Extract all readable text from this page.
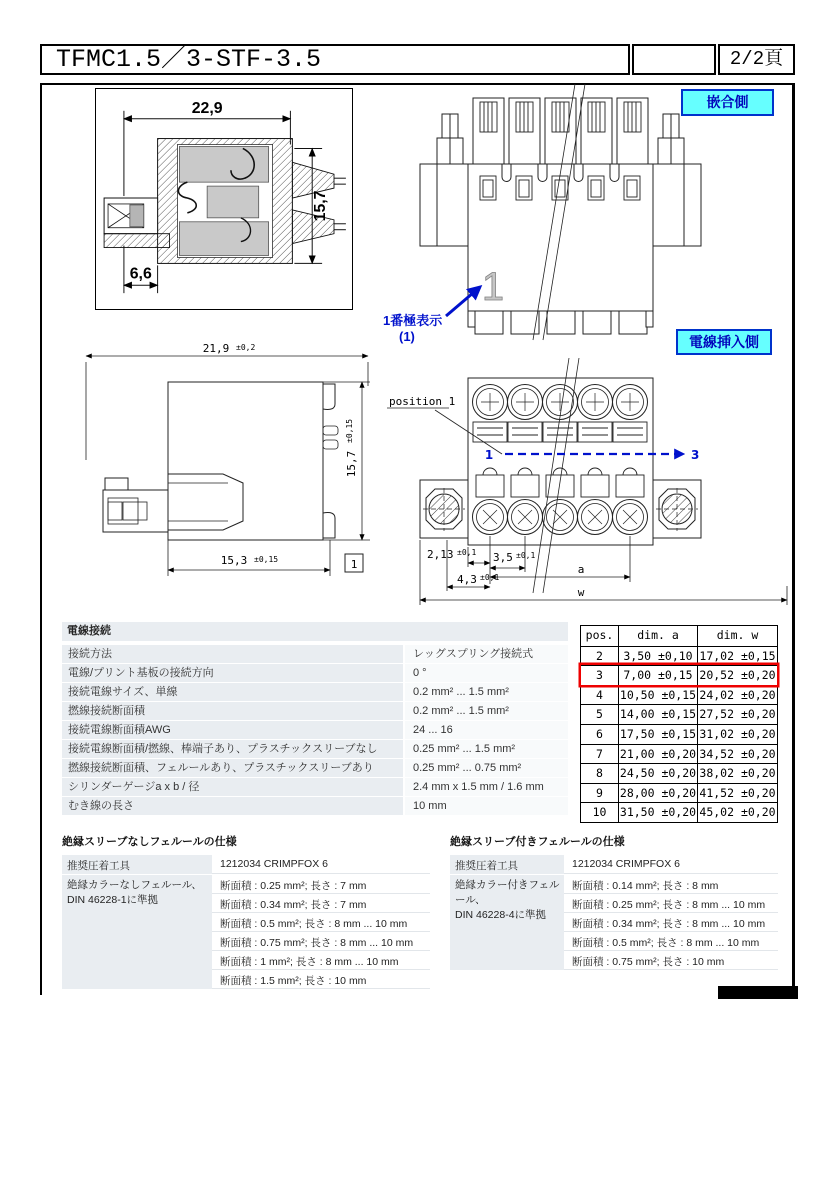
TFMC1.5／3-STF-3.5	2/2頁
22,9
15,7
6,6	1
嵌合側
電線挿入側
1番極表示
(1)
21,9 ±0,2
15,7
±0,15
15,3 ±0,15	1
position 1
1	3
2,13 ±0,1 3,5 ±0,1
4,3 ±0,1
a
w
電線接続
接続方法	レッグスプリング接続式
電線/プリント基板の接続方向	0 °
接続電線サイズ、単線	0.2 mm² ... 1.5 mm²
撚線接続断面積	0.2 mm² ... 1.5 mm²
接続電線断面積AWG	24 ... 16
接続電線断面積/撚線、棒端子あり、プラスチックスリーブなし	0.25 mm² ... 1.5 mm²
撚線接続断面積、フェルールあり、プラスチックスリーブあり	0.25 mm² ... 0.75 mm²
シリンダーゲージa x b / 径	2.4 mm x 1.5 mm / 1.6 mm
むき線の長さ	10 mm
pos.	dim. a	dim. w
2	3,50 ±0,10 17,02 ±0,15
3	7,00 ±0,15 20,52 ±0,20
4	10,50 ±0,15 24,02 ±0,20
5	14,00 ±0,15 27,52 ±0,20
6	17,50 ±0,15 31,02 ±0,20
7	21,00 ±0,20 34,52 ±0,20
8	24,50 ±0,20 38,02 ±0,20
9	28,00 ±0,20 41,52 ±0,20
10	31,50 ±0,20 45,02 ±0,20
絶縁スリーブなしフェルールの仕様
推奨圧着工具	1212034 CRIMPFOX 6
絶縁カラーなしフェルール、
DIN 46228-1に準拠
断面積 : 0.25 mm²; 長さ : 7 mm
断面積 : 0.34 mm²; 長さ : 7 mm
断面積 : 0.5 mm²; 長さ : 8 mm ... 10 mm
断面積 : 0.75 mm²; 長さ : 8 mm ... 10 mm
断面積 : 1 mm²; 長さ : 8 mm ... 10 mm
断面積 : 1.5 mm²; 長さ : 10 mm
絶縁スリーブ付きフェルールの仕様
推奨圧着工具	1212034 CRIMPFOX 6
絶縁カラー付きフェルール、
DIN 46228-4に準拠
断面積 : 0.14 mm²; 長さ : 8 mm
断面積 : 0.25 mm²; 長さ : 8 mm ... 10 mm
断面積 : 0.34 mm²; 長さ : 8 mm ... 10 mm
断面積 : 0.5 mm²; 長さ : 8 mm ... 10 mm
断面積 : 0.75 mm²; 長さ : 10 mm
